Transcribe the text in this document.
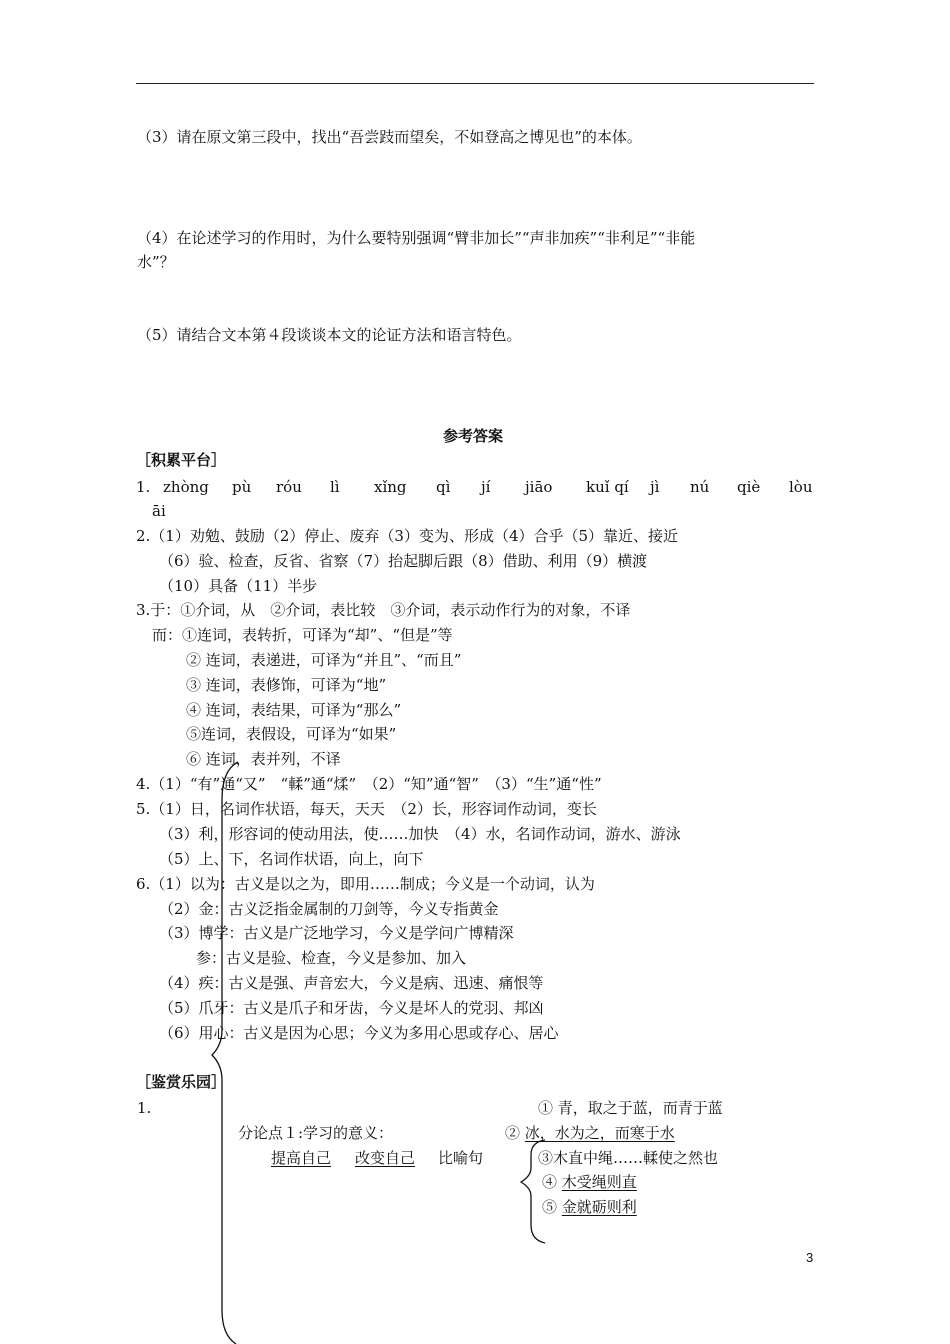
（3）请在原文第三段中，找出“吾尝跂而望矣，不如登高之博见也”的本体。
（4）在论述学习的作用时，为什么要特别强调“臂非加长”“声非加疾”“非利足”“非能
水”？
（5）请结合文本第４段谈谈本文的论证方法和语言特色。
参考答案
［积累平台］
1. zhòng pù róu lì xǐng qì jí jiāo kuǐ qí jì nú qiè lòu
āi
2.（1）劝勉、鼓励（2）停止、废弃（3）变为、形成（4）合乎（5）靠近、接近
（6）验、检查，反省、省察（7）抬起脚后跟（8）借助、利用（9）横渡
（10）具备（11）半步
3.于：①介词，从　②介词，表比较　③介词，表示动作行为的对象，不译
而：①连词，表转折，可译为“却”、“但是”等
② 连词，表递进，可译为“并且”、“而且”
③ 连词，表修饰，可译为“地”
④ 连词，表结果，可译为“那么”
⑤连词，表假设，可译为“如果”
⑥ 连词，表并列，不译
4.（1）“有”通“又”　“輮”通“煣”　（2）“知”通“智”　（3）“生”通“性”
5.（1）日，名词作状语，每天，天天　（2）长，形容词作动词，变长
（3）利，形容词的使动用法，使……加快　（4）水，名词作动词，游水、游泳
（5）上、下，名词作状语，向上，向下
6.（1）以为：古义是以之为，即用……制成；今义是一个动词，认为
（2）金：古义泛指金属制的刀剑等，今义专指黄金
（3）博学：古义是广泛地学习，今义是学问广博精深
参：古义是验、检查，今义是参加、加入
（4）疾：古义是强、声音宏大，今义是病、迅速、痛恨等
（5）爪牙：古义是爪子和牙齿，今义是坏人的党羽、邦凶
（6）用心：古义是因为心思；今义为多用心思或存心、居心
［鉴赏乐园］
1.
分论点１:学习的意义：
提高自己 改变自己 比喻句
① 青，取之于蓝，而青于蓝
② 冰，水为之，而寒于水
③木直中绳……輮使之然也
④ 木受绳则直
⑤ 金就砺则利
3
